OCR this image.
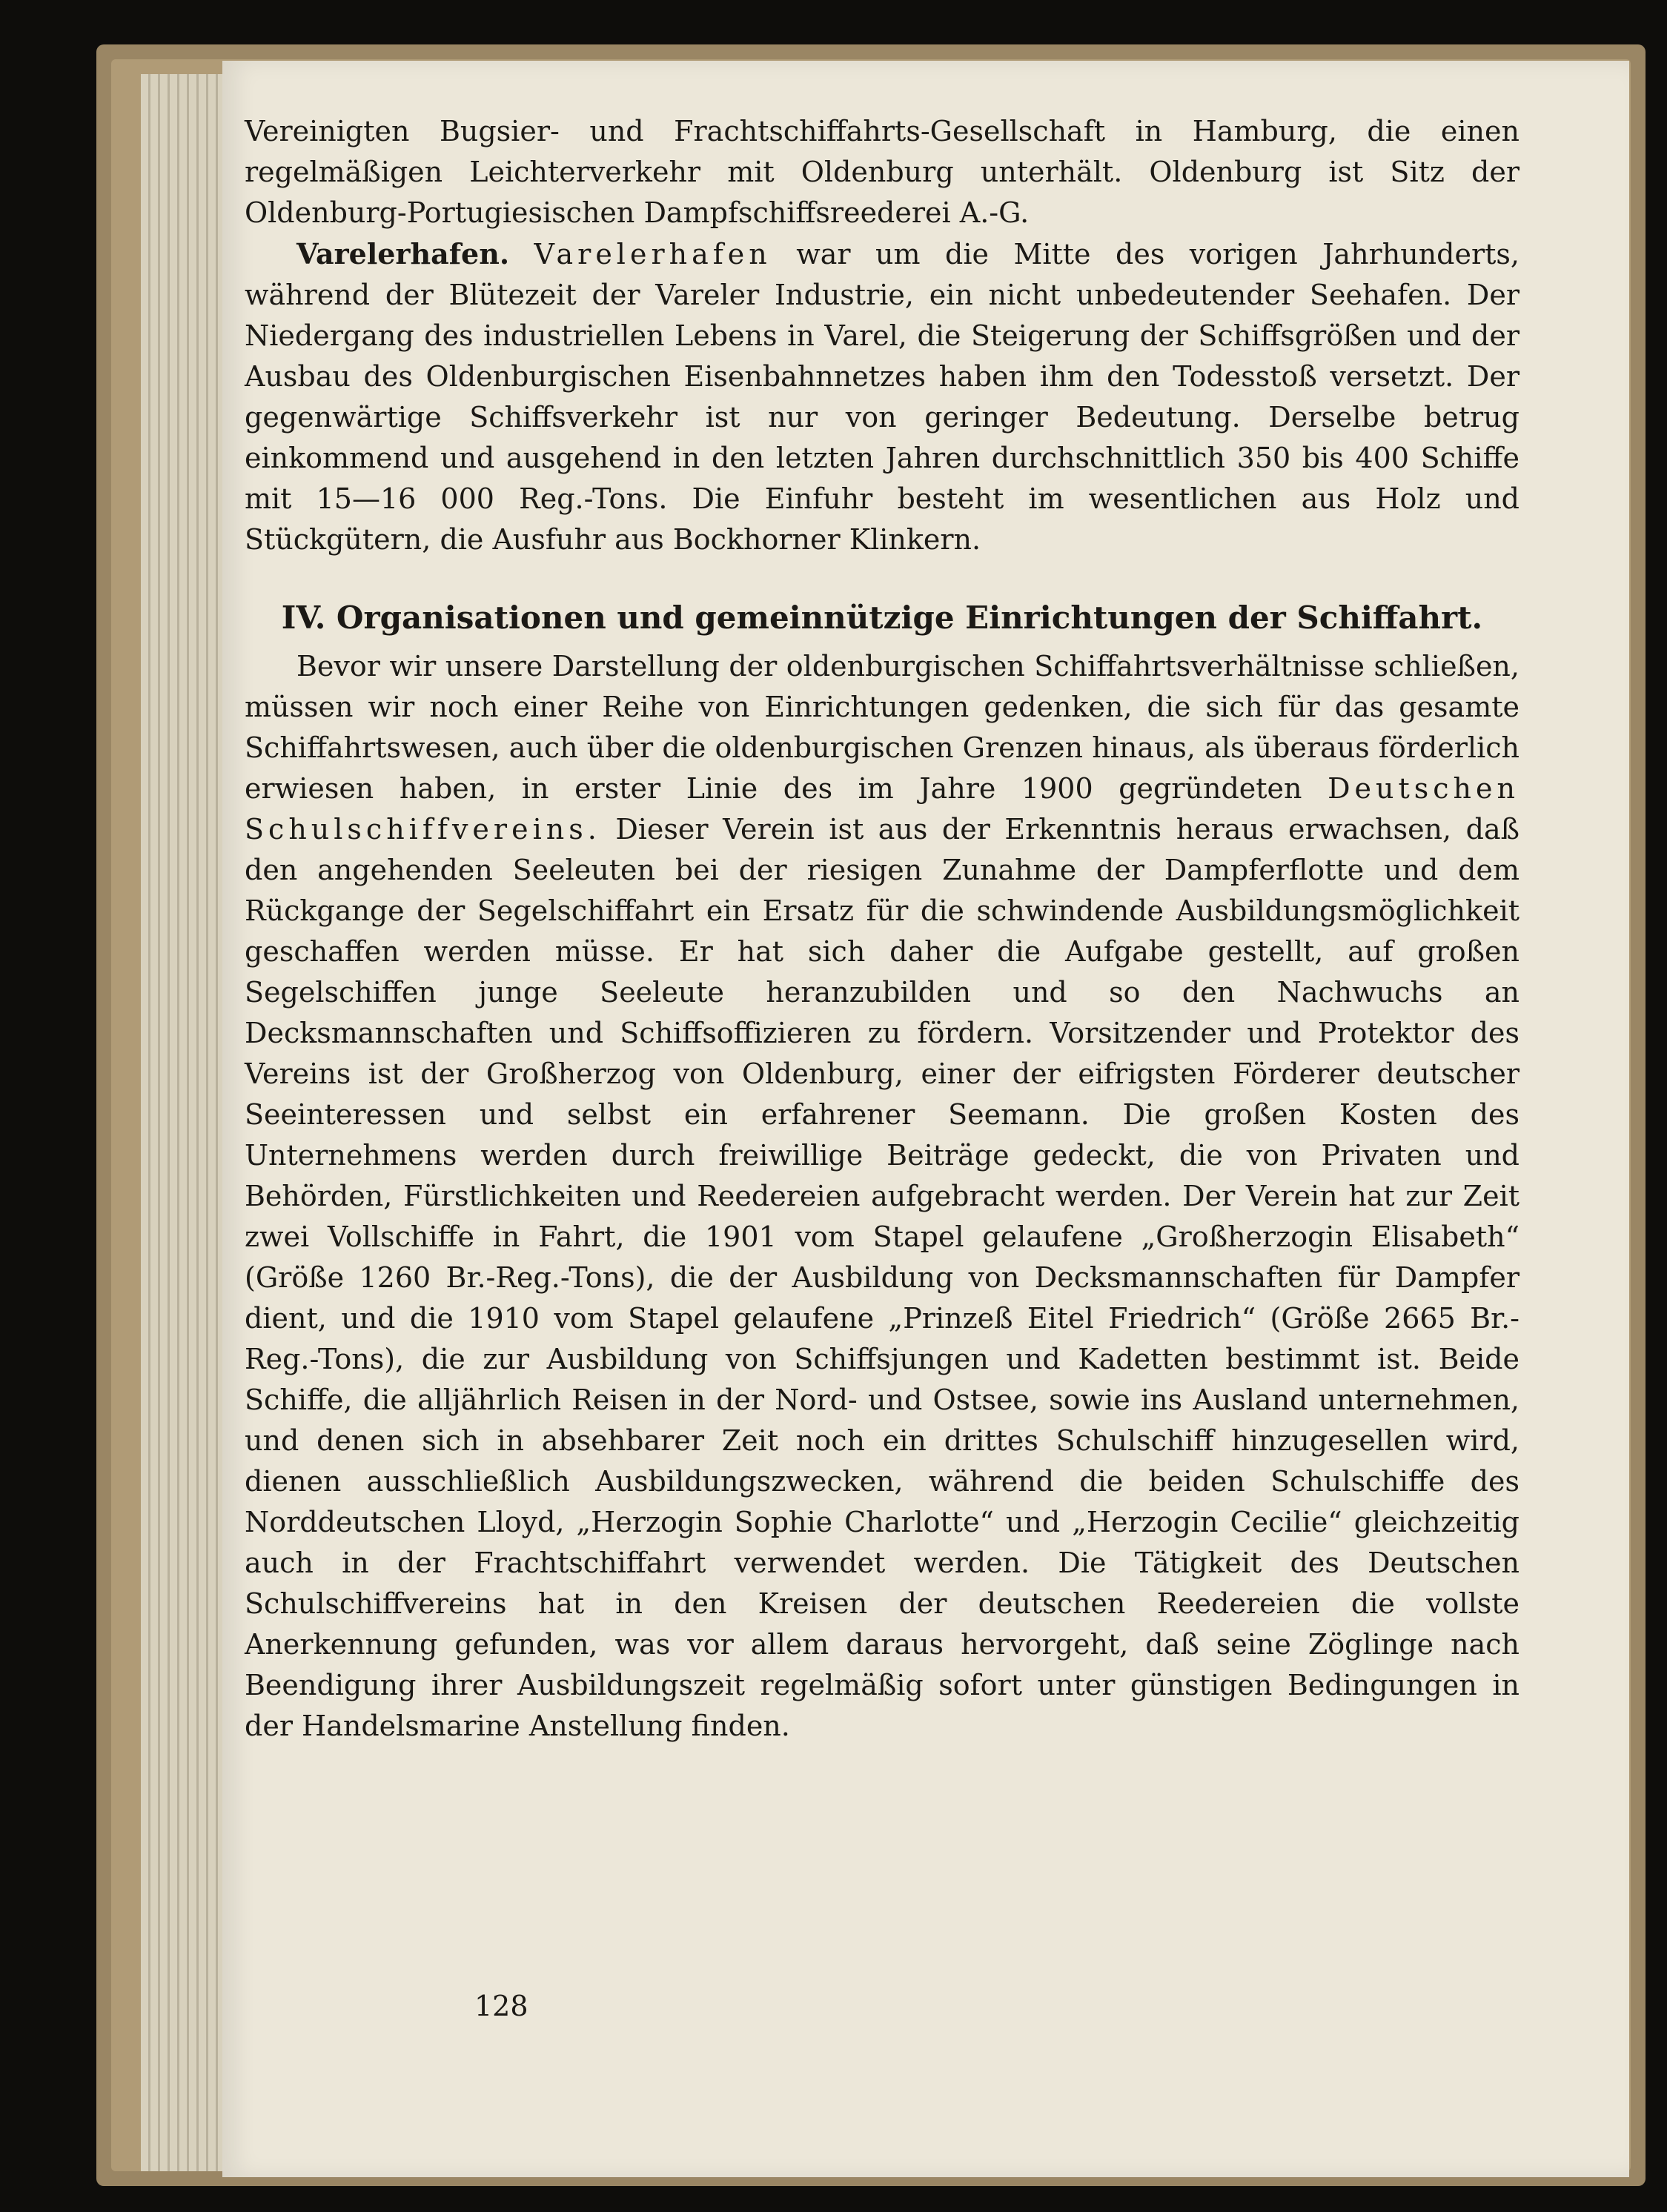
Vereinigten Bugsier- und Frachtschiffahrts-Gesellschaft in Hamburg, die einen regelmäßigen Leichterverkehr mit Oldenburg unterhält. Oldenburg ist Sitz der Oldenburg-Portugiesischen Dampfschiffsreederei A.-G.

Varelerhafen. Varelerhafen war um die Mitte des vorigen Jahrhunderts, während der Blütezeit der Vareler Industrie, ein nicht unbedeutender Seehafen. Der Niedergang des industriellen Lebens in Varel, die Steigerung der Schiffsgrößen und der Ausbau des Oldenburgischen Eisenbahnnetzes haben ihm den Todesstoß versetzt. Der gegenwärtige Schiffsverkehr ist nur von geringer Bedeutung. Derselbe betrug einkommend und ausgehend in den letzten Jahren durchschnittlich 350 bis 400 Schiffe mit 15—16 000 Reg.-Tons. Die Einfuhr besteht im wesentlichen aus Holz und Stückgütern, die Ausfuhr aus Bockhorner Klinkern.

IV. Organisationen und gemeinnützige Einrichtungen der Schiffahrt.

Bevor wir unsere Darstellung der oldenburgischen Schiffahrtsverhältnisse schließen, müssen wir noch einer Reihe von Einrichtungen gedenken, die sich für das gesamte Schiffahrtswesen, auch über die oldenburgischen Grenzen hinaus, als überaus förderlich erwiesen haben, in erster Linie des im Jahre 1900 gegründeten Deutschen Schulschiffvereins. Dieser Verein ist aus der Erkenntnis heraus erwachsen, daß den angehenden Seeleuten bei der riesigen Zunahme der Dampferflotte und dem Rückgange der Segelschiffahrt ein Ersatz für die schwindende Ausbildungsmöglichkeit geschaffen werden müsse. Er hat sich daher die Aufgabe gestellt, auf großen Segelschiffen junge Seeleute heranzubilden und so den Nachwuchs an Decksmannschaften und Schiffsoffizieren zu fördern. Vorsitzender und Protektor des Vereins ist der Großherzog von Oldenburg, einer der eifrigsten Förderer deutscher Seeinteressen und selbst ein erfahrener Seemann. Die großen Kosten des Unternehmens werden durch freiwillige Beiträge gedeckt, die von Privaten und Behörden, Fürstlichkeiten und Reedereien aufgebracht werden. Der Verein hat zur Zeit zwei Vollschiffe in Fahrt, die 1901 vom Stapel gelaufene „Großherzogin Elisabeth“ (Größe 1260 Br.-Reg.-Tons), die der Ausbildung von Decksmannschaften für Dampfer dient, und die 1910 vom Stapel gelaufene „Prinzeß Eitel Friedrich“ (Größe 2665 Br.-Reg.-Tons), die zur Ausbildung von Schiffsjungen und Kadetten bestimmt ist. Beide Schiffe, die alljährlich Reisen in der Nord- und Ostsee, sowie ins Ausland unternehmen, und denen sich in absehbarer Zeit noch ein drittes Schulschiff hinzugesellen wird, dienen ausschließlich Ausbildungszwecken, während die beiden Schulschiffe des Norddeutschen Lloyd, „Herzogin Sophie Charlotte“ und „Herzogin Cecilie“ gleichzeitig auch in der Frachtschiffahrt verwendet werden. Die Tätigkeit des Deutschen Schulschiffvereins hat in den Kreisen der deutschen Reedereien die vollste Anerkennung gefunden, was vor allem daraus hervorgeht, daß seine Zöglinge nach Beendigung ihrer Ausbildungszeit regelmäßig sofort unter günstigen Bedingungen in der Handelsmarine Anstellung finden.

128
